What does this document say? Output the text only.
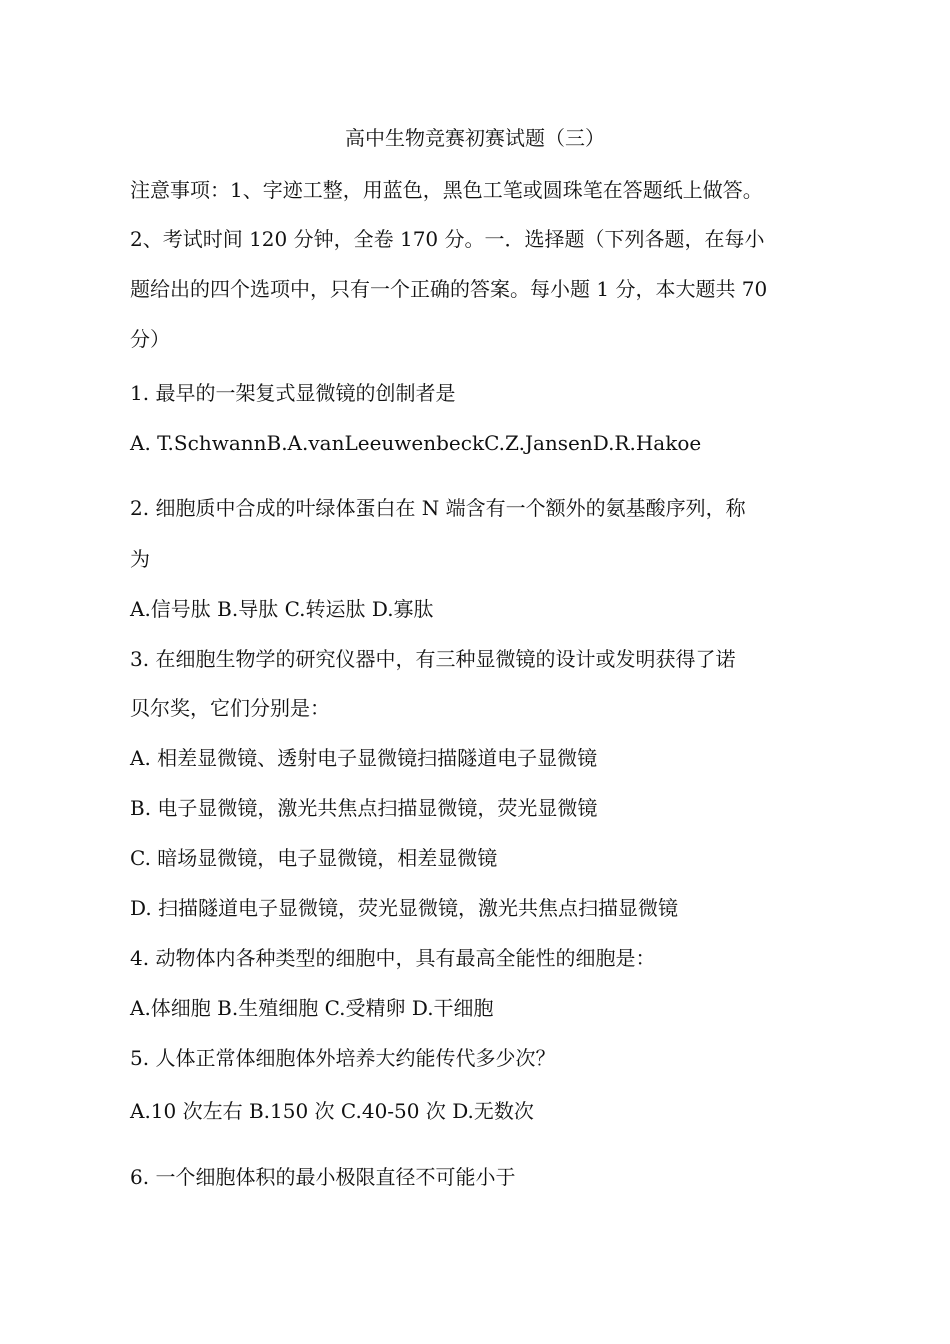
高中生物竞赛初赛试题（三）
注意事项：1、字迹工整，用蓝色，黑色工笔或圆珠笔在答题纸上做答。
2、考试时间 120 分钟，全卷 170 分。一．选择题（下列各题，在每小
题给出的四个选项中，只有一个正确的答案。每小题 1 分，本大题共 70
分）
1. 最早的一架复式显微镜的创制者是
A. T.SchwannB.A.vanLeeuwenbeckC.Z.JansenD.R.Hakoe
2. 细胞质中合成的叶绿体蛋白在 N 端含有一个额外的氨基酸序列，称
为
A.信号肽 B.导肽 C.转运肽 D.寡肽
3. 在细胞生物学的研究仪器中，有三种显微镜的设计或发明获得了诺
贝尔奖，它们分别是：
A. 相差显微镜、透射电子显微镜扫描隧道电子显微镜
B. 电子显微镜，激光共焦点扫描显微镜，荧光显微镜
C. 暗场显微镜，电子显微镜，相差显微镜
D. 扫描隧道电子显微镜，荧光显微镜，激光共焦点扫描显微镜
4. 动物体内各种类型的细胞中，具有最高全能性的细胞是：
A.体细胞 B.生殖细胞 C.受精卵 D.干细胞
5. 人体正常体细胞体外培养大约能传代多少次？
A.10 次左右 B.150 次 C.40-50 次 D.无数次
6. 一个细胞体积的最小极限直径不可能小于
